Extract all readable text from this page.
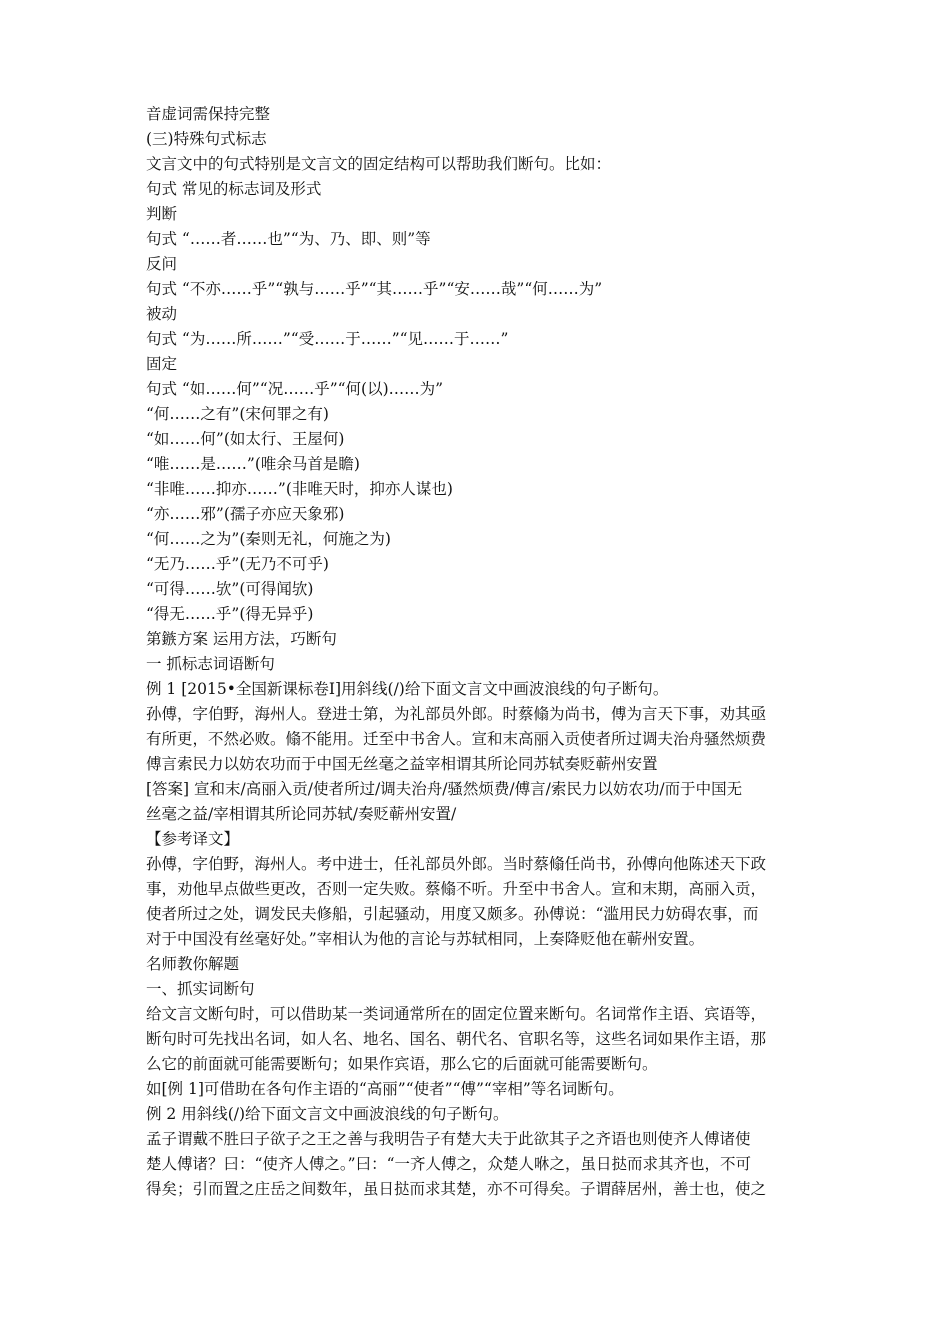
音虚词需保持完整
(三)特殊句式标志
文言文中的句式特别是文言文的固定结构可以帮助我们断句。比如：
句式 常见的标志词及形式
判断
句式 “……者……也”“为、乃、即、则”等
反问
句式 “不亦……乎”“孰与……乎”“其……乎”“安……哉”“何……为”
被动
句式 “为……所……”“受……于……”“见……于……”
固定
句式 “如……何”“况……乎”“何(以)……为”
“何……之有”(宋何罪之有)
“如……何”(如太行、王屋何)
“唯……是……”(唯余马首是瞻)
“非唯……抑亦……”(非唯天时，抑亦人谋也)
“亦……邪”(孺子亦应天象邪)
“何……之为”(秦则无礼，何施之为)
“无乃……乎”(无乃不可乎)
“可得……欤”(可得闻欤)
“得无……乎”(得无异乎)
第鏃方案 运用方法，巧断句
一 抓标志词语断句
例 1 [2015•全国新课标卷Ⅰ]用斜线(/)给下面文言文中画波浪线的句子断句。
孙傅，字伯野，海州人。登进士第，为礼部员外郎。时蔡翛为尚书，傅为言天下事，劝其亟
有所更，不然必败。翛不能用。迁至中书舍人。宣和末高丽入贡使者所过调夫治舟骚然烦费
傅言索民力以妨农功而于中国无丝毫之益宰相谓其所论同苏轼奏贬蕲州安置
[答案] 宣和末/高丽入贡/使者所过/调夫治舟/骚然烦费/傅言/索民力以妨农功/而于中国无
丝毫之益/宰相谓其所论同苏轼/奏贬蕲州安置/
【参考译文】
孙傅，字伯野，海州人。考中进士，任礼部员外郎。当时蔡翛任尚书，孙傅向他陈述天下政
事，劝他早点做些更改，否则一定失败。蔡翛不听。升至中书舍人。宣和末期，高丽入贡，
使者所过之处，调发民夫修船，引起骚动，用度又颇多。孙傅说：“滥用民力妨碍农事，而
对于中国没有丝毫好处。”宰相认为他的言论与苏轼相同，上奏降贬他在蕲州安置。
名师教你解题
一、抓实词断句
给文言文断句时，可以借助某一类词通常所在的固定位置来断句。名词常作主语、宾语等，
断句时可先找出名词，如人名、地名、国名、朝代名、官职名等，这些名词如果作主语，那
么它的前面就可能需要断句；如果作宾语，那么它的后面就可能需要断句。
如[例 1]可借助在各句作主语的“高丽”“使者”“傅”“宰相”等名词断句。
例 2 用斜线(/)给下面文言文中画波浪线的句子断句。
孟子谓戴不胜曰子欲子之王之善与我明告子有楚大夫于此欲其子之齐语也则使齐人傅诸使
楚人傅诸？曰：“使齐人傅之。”曰：“一齐人傅之，众楚人咻之，虽日挞而求其齐也，不可
得矣；引而置之庄岳之间数年，虽日挞而求其楚，亦不可得矣。子谓薛居州，善士也，使之
